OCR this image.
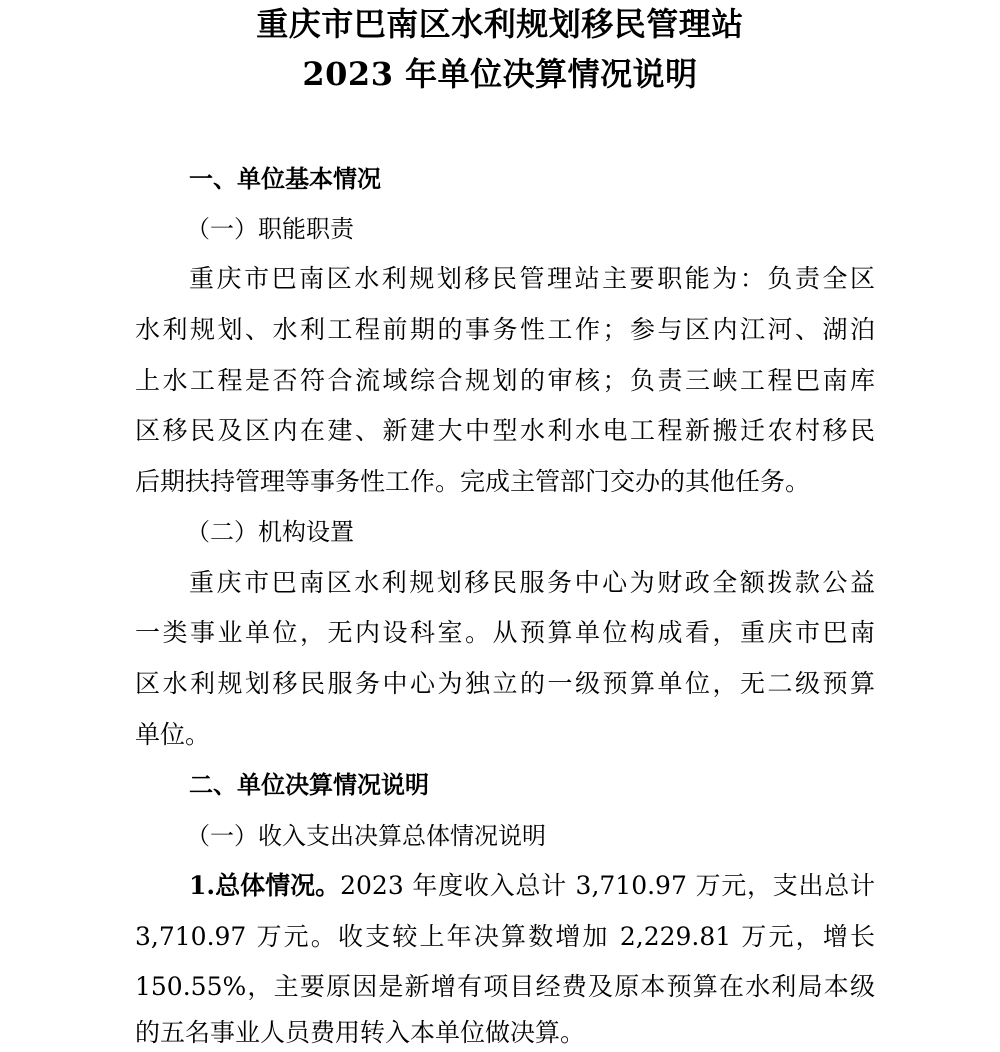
重庆市巴南区水利规划移民管理站
2023 年单位决算情况说明
一、单位基本情况
（一）职能职责
重庆市巴南区水利规划移民管理站主要职能为：负责全区
水利规划、水利工程前期的事务性工作；参与区内江河、湖泊
上水工程是否符合流域综合规划的审核；负责三峡工程巴南库
区移民及区内在建、新建大中型水利水电工程新搬迁农村移民
后期扶持管理等事务性工作。完成主管部门交办的其他任务。
（二）机构设置
重庆市巴南区水利规划移民服务中心为财政全额拨款公益
一类事业单位，无内设科室。从预算单位构成看，重庆市巴南
区水利规划移民服务中心为独立的一级预算单位，无二级预算
单位。
二、单位决算情况说明
（一）收入支出决算总体情况说明
1.总体情况。 2023 年度收入总计 3,710.97 万元，支出总计
3,710.97 万元。收支较上年决算数增加 2,229.81 万元，增长
150.55%，主要原因是新增有项目经费及原本预算在水利局本级
的五名事业人员费用转入本单位做决算。
